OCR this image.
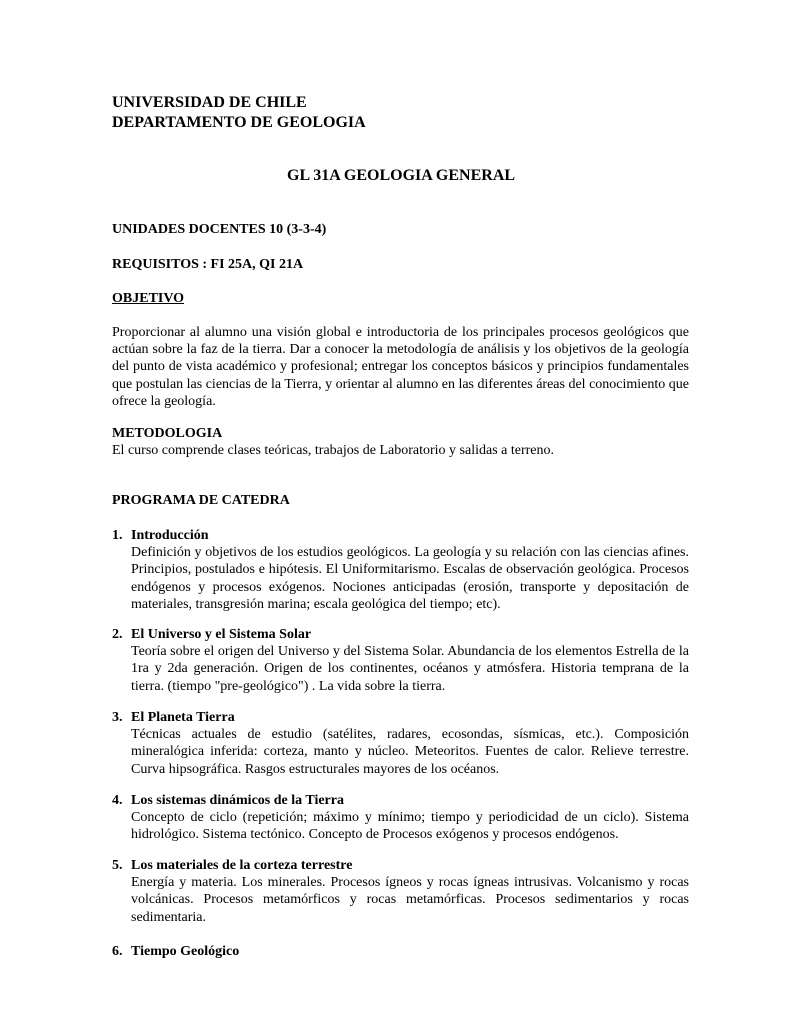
UNIVERSIDAD DE CHILE
DEPARTAMENTO DE GEOLOGIA
GL 31A GEOLOGIA GENERAL
UNIDADES DOCENTES 10 (3-3-4)
REQUISITOS : FI 25A, QI 21A
OBJETIVO
Proporcionar al alumno una visión global e introductoria de los principales procesos geológicos que actúan sobre la faz de la tierra. Dar a conocer la metodología de análisis y los objetivos de la geología del punto de vista académico y profesional; entregar los conceptos básicos y principios fundamentales que postulan las ciencias de la Tierra, y orientar al alumno en las diferentes áreas del conocimiento que ofrece la geología.
METODOLOGIA
El curso comprende clases teóricas, trabajos de Laboratorio y salidas a terreno.
PROGRAMA DE CATEDRA
1. Introducción
Definición y objetivos de los estudios geológicos. La geología y su relación con las ciencias afines. Principios, postulados e hipótesis. El Uniformitarismo. Escalas de observación geológica. Procesos endógenos y procesos exógenos. Nociones anticipadas (erosión, transporte y depositación de materiales, transgresión marina; escala geológica del tiempo; etc).
2. El Universo y el Sistema Solar
Teoría sobre el origen del Universo y del Sistema Solar. Abundancia de los elementos Estrella de la 1ra y 2da generación. Origen de los continentes, océanos y atmósfera. Historia temprana de la tierra. (tiempo "pre-geológico") . La vida sobre la tierra.
3. El Planeta Tierra
Técnicas actuales de estudio (satélites, radares, ecosondas, sísmicas, etc.). Composición mineralógica inferida: corteza, manto y núcleo. Meteoritos. Fuentes de calor. Relieve terrestre. Curva hipsográfica. Rasgos estructurales mayores de los océanos.
4. Los sistemas dinámicos de la Tierra
Concepto de ciclo (repetición; máximo y mínimo; tiempo y periodicidad de un ciclo). Sistema hidrológico. Sistema tectónico. Concepto de Procesos exógenos y procesos endógenos.
5. Los materiales de la corteza terrestre
Energía y materia. Los minerales. Procesos ígneos y rocas ígneas intrusivas. Volcanismo y rocas volcánicas. Procesos metamórficos y rocas metamórficas. Procesos sedimentarios y rocas sedimentaria.
6. Tiempo Geológico
